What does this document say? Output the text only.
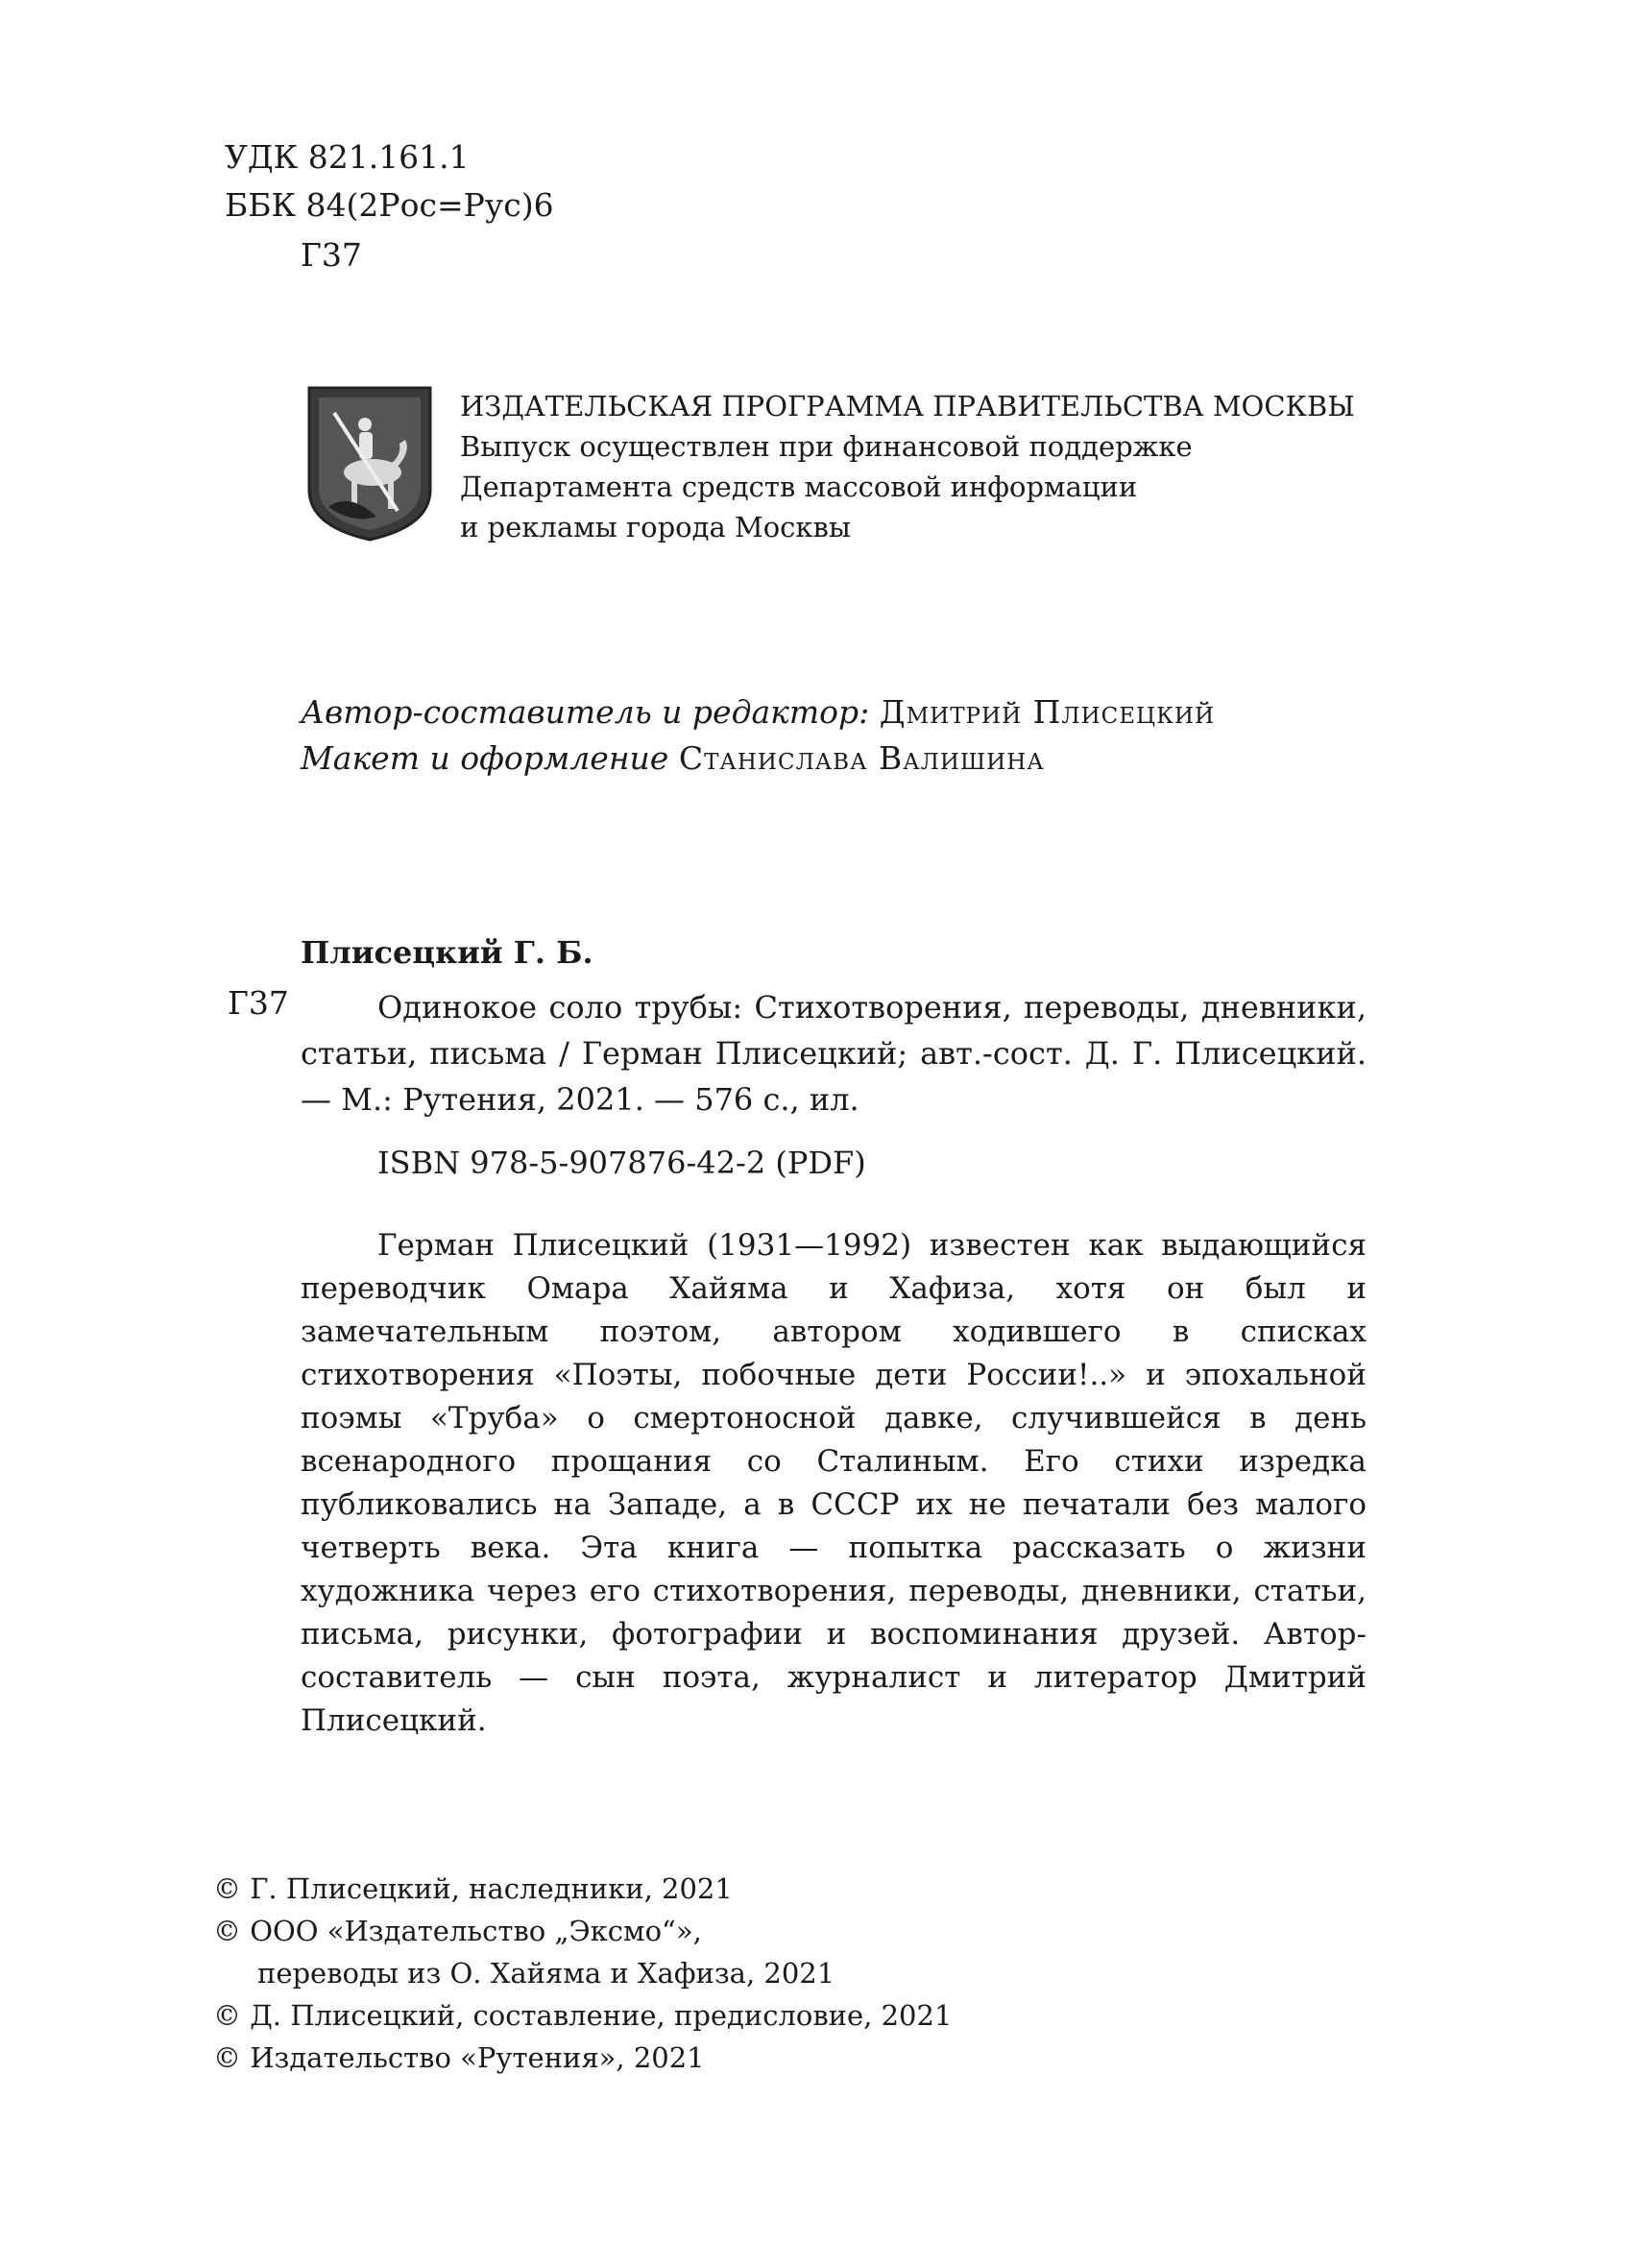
УДК 821.161.1
ББК 84(2Рос=Рус)6
Г37
ИЗДАТЕЛЬСКАЯ ПРОГРАММА ПРАВИТЕЛЬСТВА МОСКВЫ
Выпуск осуществлен при финансовой поддержке
Департамента средств массовой информации
и рекламы города Москвы
Автор-составитель и редактор: Дмитрий Плисецкий
Макет и оформление Станислава Валишина
Плисецкий Г. Б.
Г37	Одинокое соло трубы: Стихотворения, переводы, дневники, статьи, письма / Герман Плисецкий; авт.-сост. Д. Г. Плисецкий. — М.: Рутения, 2021. — 576 с., ил.
ISBN 978-5-907876-42-2 (PDF)
Герман Плисецкий (1931—1992) известен как выдающийся переводчик Омара Хайяма и Хафиза, хотя он был и замечательным поэтом, автором ходившего в списках стихотворения «Поэты, побочные дети России!..» и эпохальной поэмы «Труба» о смертоносной давке, случившейся в день всенародного прощания со Сталиным. Его стихи изредка публиковались на Западе, а в СССР их не печатали без малого четверть века. Эта книга — попытка рассказать о жизни художника через его стихотворения, переводы, дневники, статьи, письма, рисунки, фотографии и воспоминания друзей. Автор-составитель — сын поэта, журналист и литератор Дмитрий Плисецкий.
© Г. Плисецкий, наследники, 2021
© ООО «Издательство „Эксмо“»,
переводы из О. Хайяма и Хафиза, 2021
© Д. Плисецкий, составление, предисловие, 2021
© Издательство «Рутения», 2021
